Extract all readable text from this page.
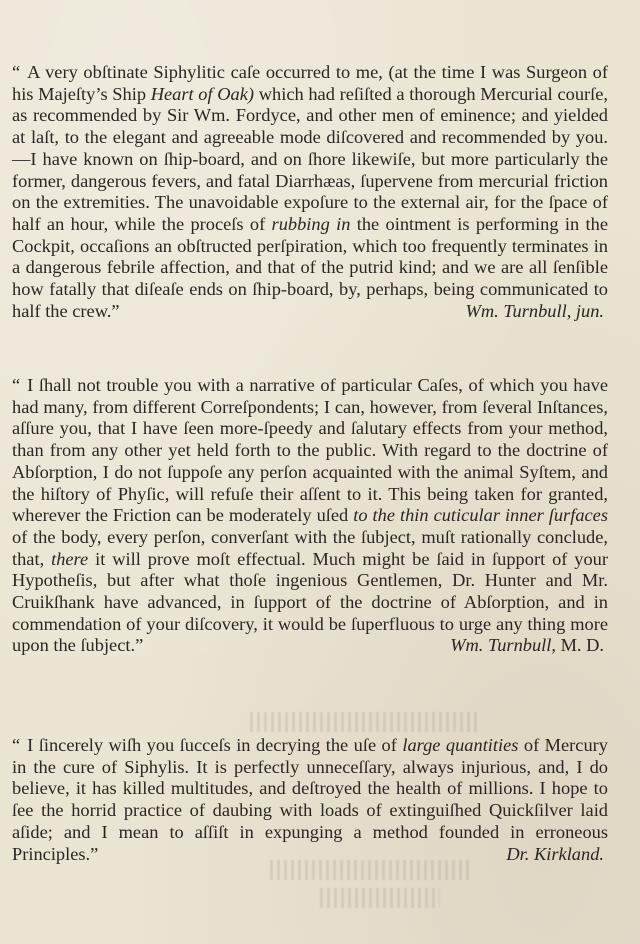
“ A very obſtinate Siphylitic caſe occurred to me, (at the time I was Surgeon of his Majeſty’s Ship Heart of Oak) which had reſiſted a thorough Mercurial courſe, as recommended by Sir Wm. Fordyce, and other men of eminence; and yielded at laſt, to the elegant and agreeable mode diſcovered and recommended by you.—I have known on ſhip-board, and on ſhore likewiſe, but more particularly the former, dangerous fevers, and fatal Diarrhæas, ſupervene from mercurial friction on the extremities. The unavoidable expoſure to the external air, for the ſpace of half an hour, while the proceſs of rubbing in the ointment is performing in the Cockpit, occaſions an obſtructed perſpiration, which too frequently terminates in a dangerous febrile affection, and that of the putrid kind; and we are all ſenſible how fatally that diſeaſe ends on ſhip-board, by, perhaps, being communicated to half the crew.”	Wm. Turnbull, jun.

“ I ſhall not trouble you with a narrative of particular Caſes, of which you have had many, from different Correſpondents; I can, however, from ſeveral Inſtances, aſſure you, that I have ſeen more-ſpeedy and ſalutary effects from your method, than from any other yet held forth to the public. With regard to the doctrine of Abſorption, I do not ſuppoſe any perſon acquainted with the animal Syſtem, and the hiſtory of Phyſic, will refuſe their aſſent to it. This being taken for granted, wherever the Friction can be moderately uſed to the thin cuticular inner ſurfaces of the body, every perſon, converſant with the ſubject, muſt rationally conclude, that, there it will prove moſt effectual. Much might be ſaid in ſupport of your Hypotheſis, but after what thoſe ingenious Gentlemen, Dr. Hunter and Mr. Cruikſhank have advanced, in ſupport of the doctrine of Abſorption, and in commendation of your diſcovery, it would be ſuperfluous to urge any thing more upon the ſubject.”	Wm. Turnbull, M. D.

“ I ſincerely wiſh you ſucceſs in decrying the uſe of large quantities of Mercury in the cure of Siphylis. It is perfectly unneceſſary, always injurious, and, I do believe, it has killed multitudes, and deſtroyed the health of millions. I hope to ſee the horrid practice of daubing with loads of extinguiſhed Quickſilver laid aſide; and I mean to aſſiſt in expunging a method founded in erroneous Principles.”	Dr. Kirkland.
